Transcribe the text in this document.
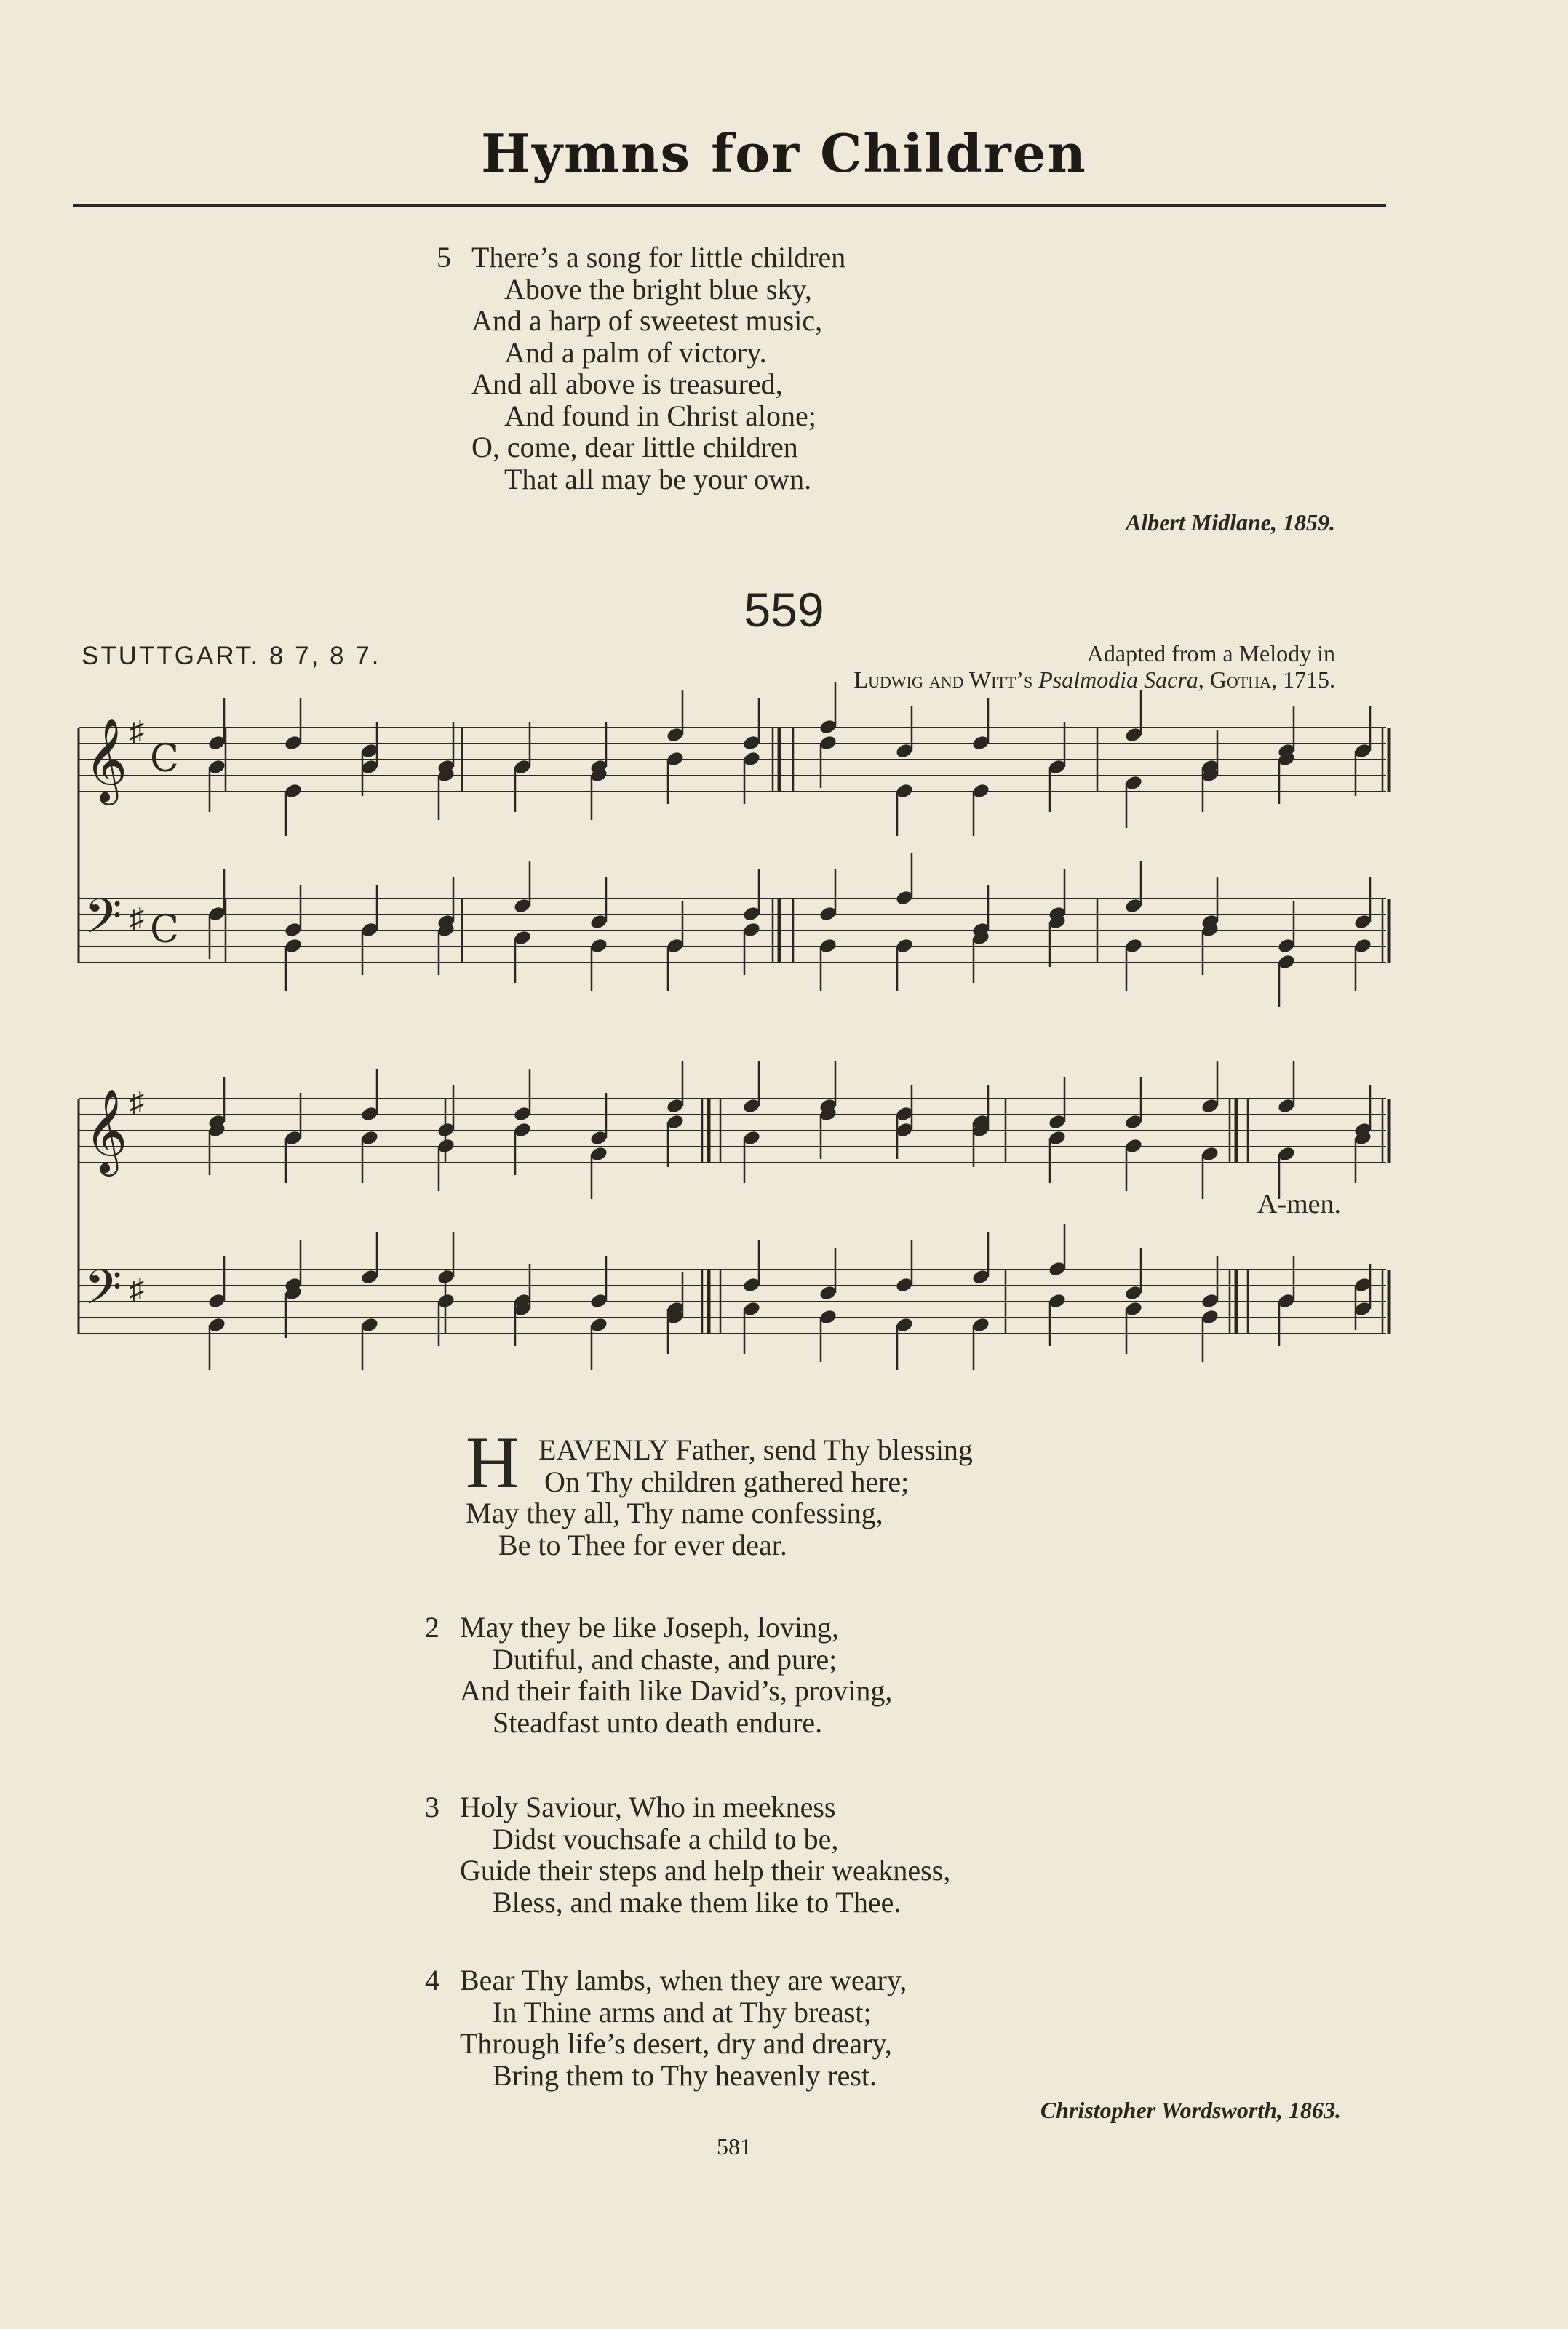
Hymns for Children
5 There’s a song for little children
Above the bright blue sky,
And a harp of sweetest music,
And a palm of victory.
And all above is treasured,
And found in Christ alone;
O, come, dear little children
That all may be your own.
Albert Midlane, 1859.
559
STUTTGART. 8 7, 8 7.	Adapted from a Melody in
Ludwig and Witt’s Psalmodia Sacra, Gotha, 1715.
𝄞 ♯
C
𝄢 ♯ C
𝄞 ♯
𝄢 ♯
A-men.
H EAVENLY Father, send Thy blessing
On Thy children gathered here;
May they all, Thy name confessing,
Be to Thee for ever dear.
2 May they be like Joseph, loving,
Dutiful, and chaste, and pure;
And their faith like David’s, proving,
Steadfast unto death endure.
3 Holy Saviour, Who in meekness
Didst vouchsafe a child to be,
Guide their steps and help their weakness,
Bless, and make them like to Thee.
4 Bear Thy lambs, when they are weary,
In Thine arms and at Thy breast;
Through life’s desert, dry and dreary,
Bring them to Thy heavenly rest.
Christopher Wordsworth, 1863.
581
